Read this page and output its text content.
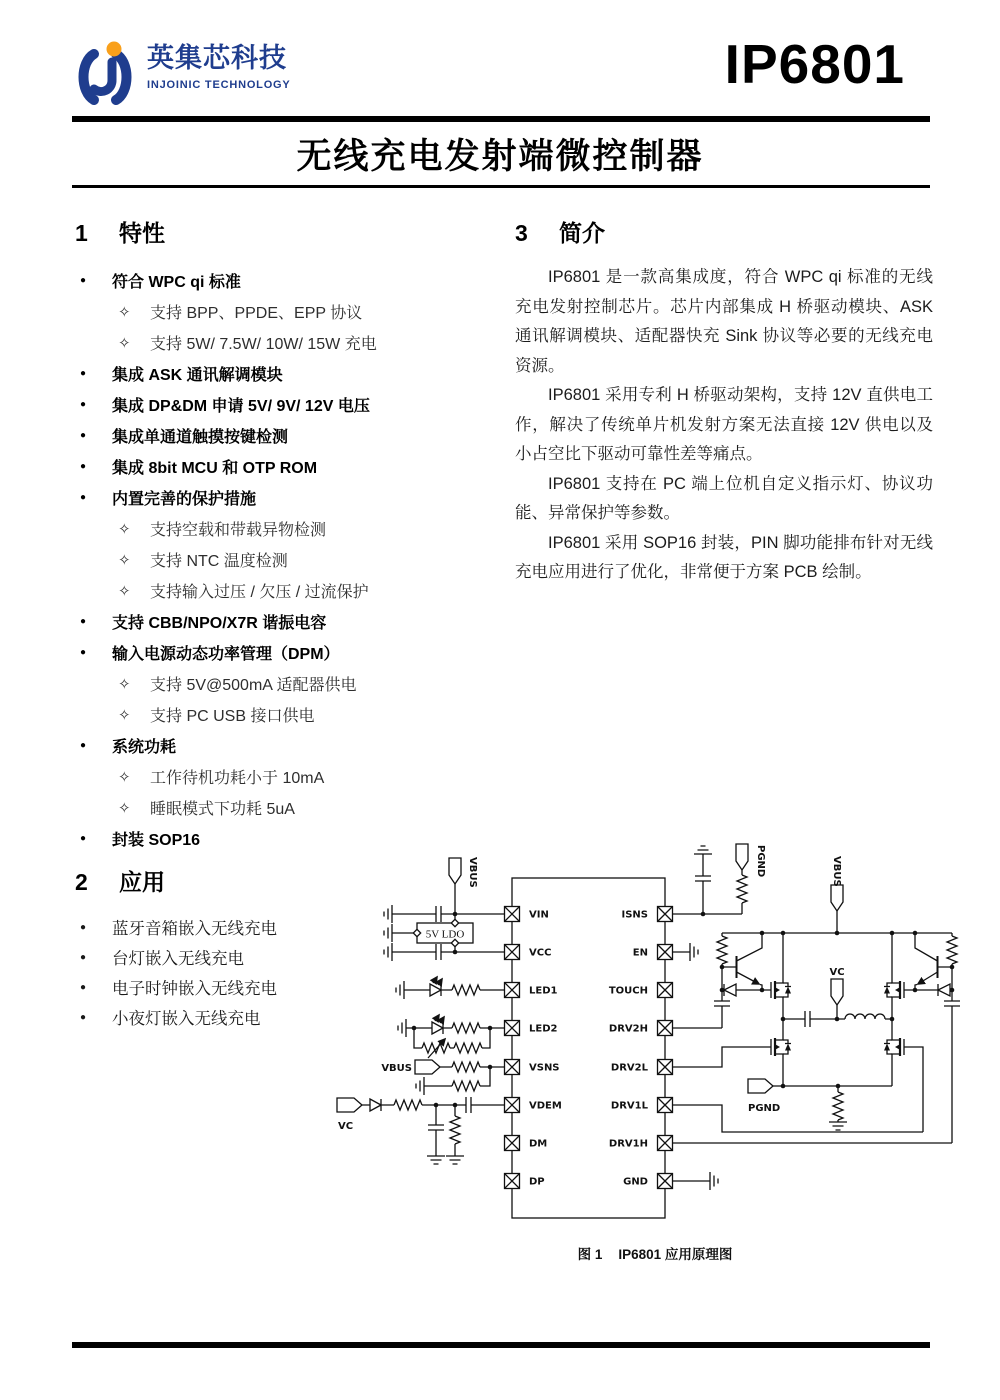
英集芯科技
INJOINIC TECHNOLOGY	IP6801
无线充电发射端微控制器
1	特性
●	符合 WPC qi 标准
✧	支持 BPP、PPDE、EPP 协议
✧	支持 5W/ 7.5W/ 10W/ 15W 充电
●	集成 ASK 通讯解调模块
●	集成 DP&DM 申请 5V/ 9V/ 12V 电压
●	集成单通道触摸按键检测
●	集成 8bit MCU 和 OTP ROM
●	内置完善的保护措施
✧	支持空载和带载异物检测
✧	支持 NTC 温度检测
✧	支持输入过压 / 欠压 / 过流保护
●	支持 CBB/NPO/X7R 谐振电容
●	输入电源动态功率管理（DPM）
✧	支持 5V@500mA 适配器供电
✧	支持 PC USB 接口供电
●	系统功耗
✧	工作待机功耗小于 10mA
✧	睡眠模式下功耗 5uA
●	封装 SOP16
2	应用
●	蓝牙音箱嵌入无线充电
●	台灯嵌入无线充电
●	电子时钟嵌入无线充电
●	小夜灯嵌入无线充电
3	简介

IP6801 是一款高集成度，符合 WPC qi 标准的无线充电发射控制芯片。芯片内部集成 H 桥驱动模块、ASK 通讯解调模块、适配器快充 Sink 协议等必要的无线充电资源。

IP6801 采用专利 H 桥驱动架构，支持 12V 直供电工作，解决了传统单片机发射方案无法直接 12V 供电以及小占空比下驱动可靠性差等痛点。

IP6801 支持在 PC 端上位机自定义指示灯、协议功能、异常保护等参数。

IP6801 采用 SOP16 封装，PIN 脚功能排布针对无线充电应用进行了优化，非常便于方案 PCB 绘制。

VIN
VCC
LED1
LED2
VSNS
VDEM
DM
DP
ISNS
EN
TOUCH
DRV2H
DRV2L
DRV1L
DRV1H
GND
5V LDO
VBUS
VBUS
VBUS
VC
VC
PGND
PGND
图 1 IP6801 应用原理图
